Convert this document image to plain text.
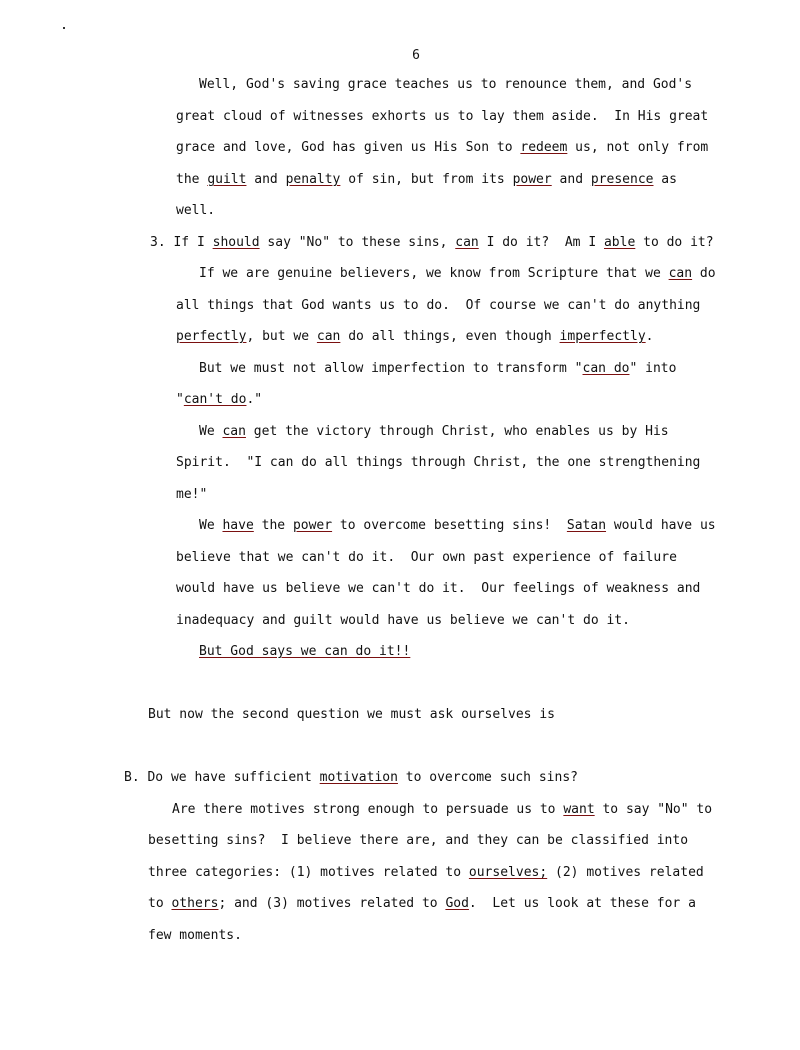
6
Well, God's saving grace teaches us to renounce them, and God's
great cloud of witnesses exhorts us to lay them aside.  In His great
grace and love, God has given us His Son to redeem us, not only from
the guilt and penalty of sin, but from its power and presence as
well.
3. If I should say "No" to these sins, can I do it?  Am I able to do it?
If we are genuine believers, we know from Scripture that we can do
all things that God wants us to do.  Of course we can't do anything
perfectly, but we can do all things, even though imperfectly.
But we must not allow imperfection to transform "can do" into
"can't do."
We can get the victory through Christ, who enables us by His
Spirit.  "I can do all things through Christ, the one strengthening
me!"
We have the power to overcome besetting sins!  Satan would have us
believe that we can't do it.  Our own past experience of failure
would have us believe we can't do it.  Our feelings of weakness and
inadequacy and guilt would have us believe we can't do it.
But God says we can do it!!
But now the second question we must ask ourselves is
B. Do we have sufficient motivation to overcome such sins?
Are there motives strong enough to persuade us to want to say "No" to
besetting sins?  I believe there are, and they can be classified into
three categories: (1) motives related to ourselves; (2) motives related
to others; and (3) motives related to God.  Let us look at these for a
few moments.
